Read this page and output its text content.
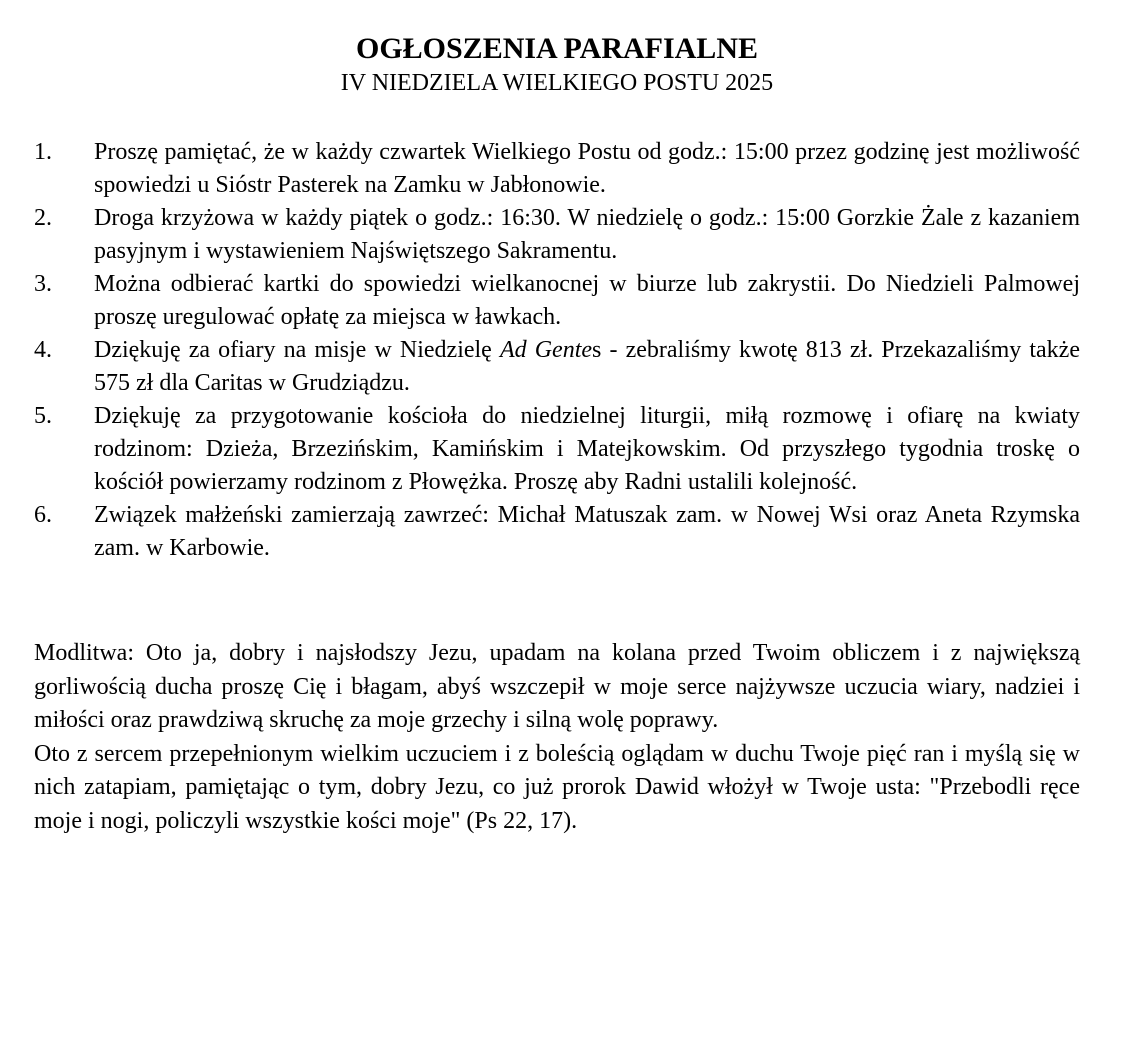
OGŁOSZENIA PARAFIALNE
IV NIEDZIELA WIELKIEGO POSTU 2025
1. Proszę pamiętać, że w każdy czwartek Wielkiego Postu od godz.: 15:00 przez godzinę jest możliwość spowiedzi u Sióstr Pasterek na Zamku w Jabłonowie.
2. Droga krzyżowa w każdy piątek o godz.: 16:30. W niedzielę o godz.: 15:00 Gorzkie Żale z kazaniem pasyjnym i wystawieniem Najświętszego Sakramentu.
3. Można odbierać kartki do spowiedzi wielkanocnej w biurze lub zakrystii. Do Niedzieli Palmowej proszę uregulować opłatę za miejsca w ławkach.
4. Dziękuję za ofiary na misje w Niedzielę Ad Gentes - zebraliśmy kwotę 813 zł. Przekazaliśmy także 575 zł dla Caritas w Grudziądzu.
5. Dziękuję za przygotowanie kościoła do niedzielnej liturgii, miłą rozmowę i ofiarę na kwiaty rodzinom: Dzieża, Brzezińskim, Kamińskim i Matejkowskim. Od przyszłego tygodnia troskę o kościół powierzamy rodzinom z Płowężka. Proszę aby Radni ustalili kolejność.
6. Związek małżeński zamierzają zawrzeć: Michał Matuszak zam. w Nowej Wsi oraz Aneta Rzymska zam. w Karbowie.

Modlitwa: Oto ja, dobry i najsłodszy Jezu, upadam na kolana przed Twoim obliczem i z największą gorliwością ducha proszę Cię i błagam, abyś wszczepił w moje serce najżywsze uczucia wiary, nadziei i miłości oraz prawdziwą skruchę za moje grzechy i silną wolę poprawy.

Oto z sercem przepełnionym wielkim uczuciem i z boleścią oglądam w duchu Twoje pięć ran i myślą się w nich zatapiam, pamiętając o tym, dobry Jezu, co już prorok Dawid włożył w Twoje usta: "Przebodli ręce moje i nogi, policzyli wszystkie kości moje" (Ps 22, 17).
